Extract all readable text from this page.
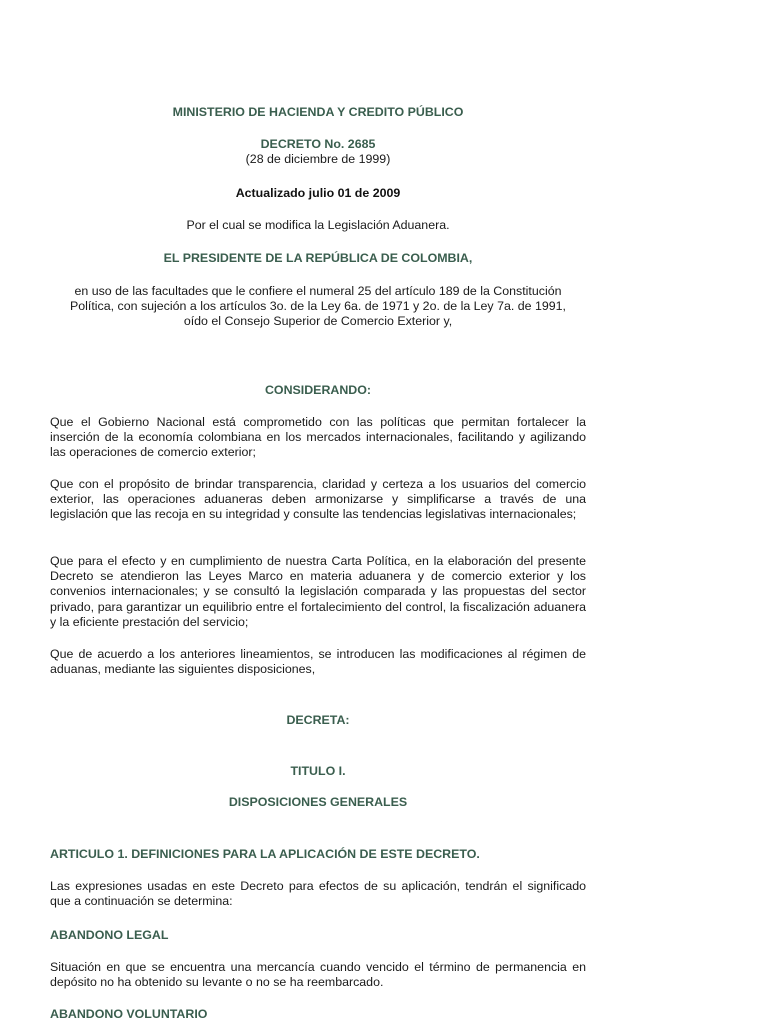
MINISTERIO DE HACIENDA Y CREDITO PÚBLICO
DECRETO No. 2685
(28 de diciembre de 1999)
Actualizado julio 01 de 2009
Por el cual se modifica la Legislación Aduanera.
EL PRESIDENTE DE LA REPÚBLICA DE COLOMBIA,
en uso de las facultades que le confiere el numeral 25 del artículo 189 de la Constitución
Política, con sujeción a los artículos 3o. de la Ley 6a. de 1971 y 2o. de la Ley 7a. de 1991,
oído el Consejo Superior de Comercio Exterior y,
CONSIDERANDO:
Que el Gobierno Nacional está comprometido con las políticas que permitan fortalecer la inserción de la economía colombiana en los mercados internacionales, facilitando y agilizando las operaciones de comercio exterior;
Que con el propósito de brindar transparencia, claridad y certeza a los usuarios del comercio exterior, las operaciones aduaneras deben armonizarse y simplificarse a través de una legislación que las recoja en su integridad y consulte las tendencias legislativas internacionales;
Que para el efecto y en cumplimiento de nuestra Carta Política, en la elaboración del presente Decreto se atendieron las Leyes Marco en materia aduanera y de comercio exterior y los convenios internacionales; y se consultó la legislación comparada y las propuestas del sector privado, para garantizar un equilibrio entre el fortalecimiento del control, la fiscalización aduanera y la eficiente prestación del servicio;
Que de acuerdo a los anteriores lineamientos, se introducen las modificaciones al régimen de aduanas, mediante las siguientes disposiciones,
DECRETA:
TITULO I.
DISPOSICIONES GENERALES
ARTICULO 1. DEFINICIONES PARA LA APLICACIÓN DE ESTE DECRETO.
Las expresiones usadas en este Decreto para efectos de su aplicación, tendrán el significado que a continuación se determina:
ABANDONO LEGAL
Situación en que se encuentra una mercancía cuando vencido el término de permanencia en depósito no ha obtenido su levante o no se ha reembarcado.
ABANDONO VOLUNTARIO
